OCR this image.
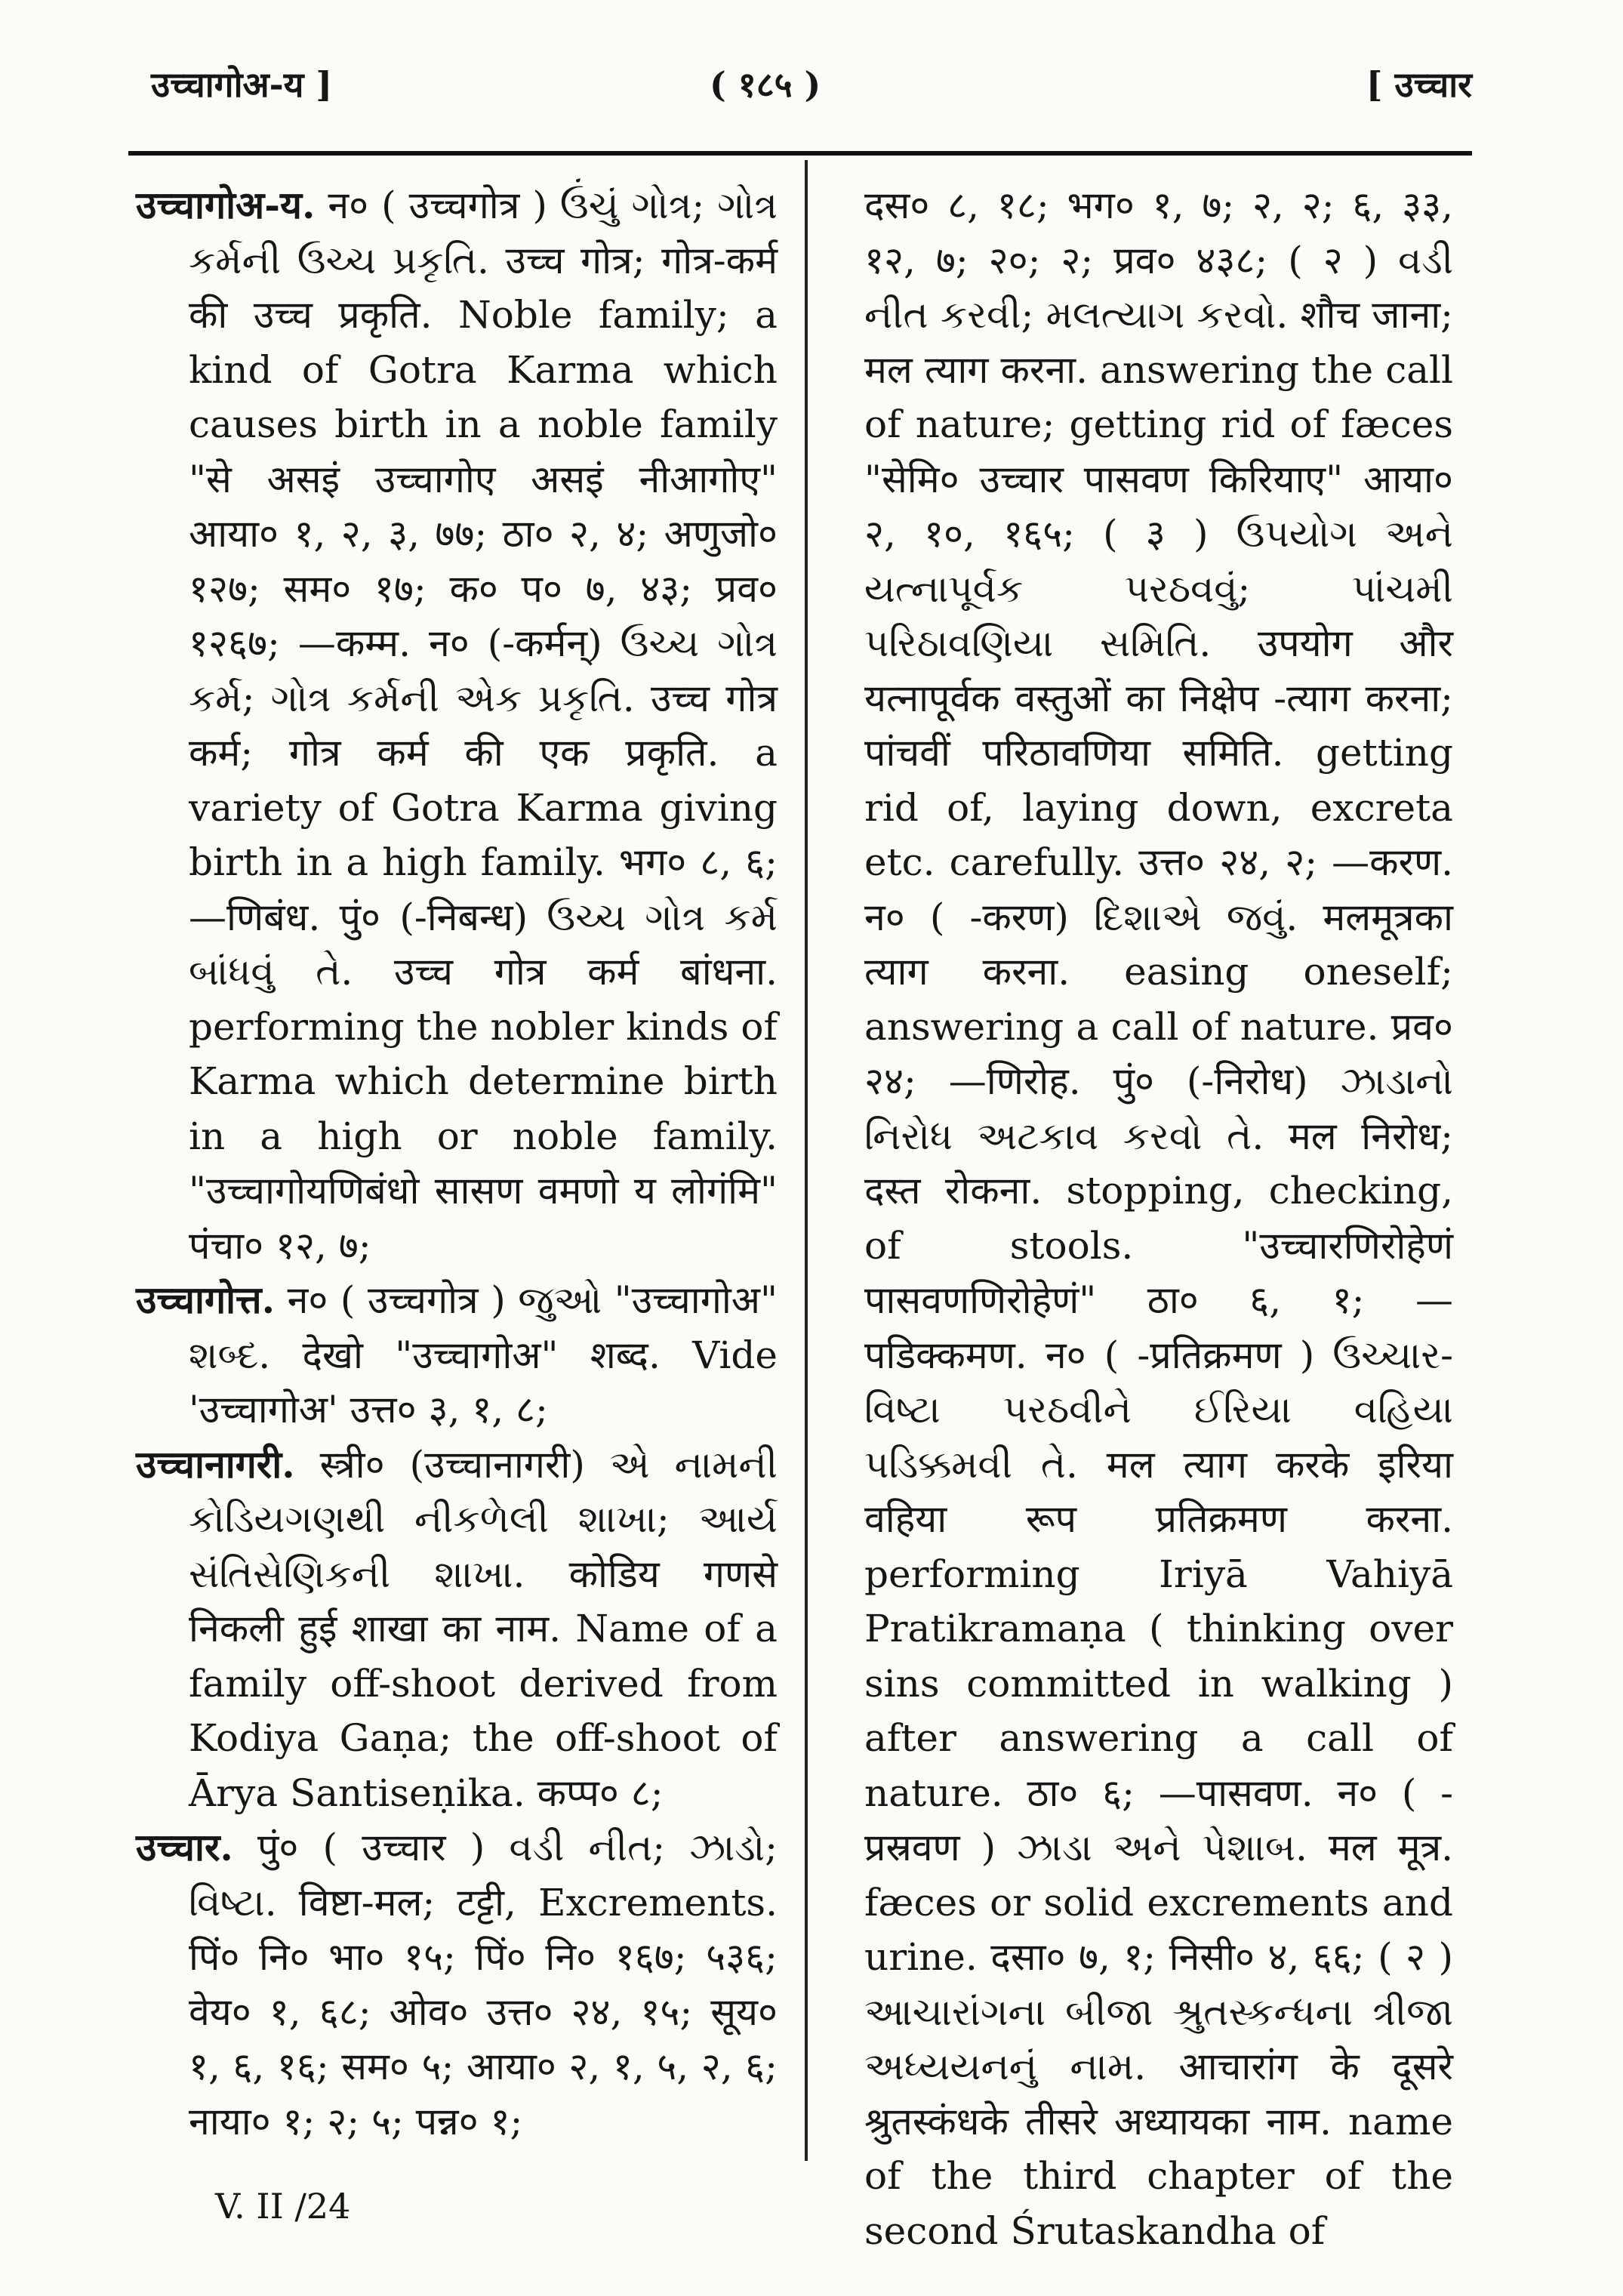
उच्चागोअ-य ]	( १८५ )	[ उच्चार

उच्चागोअ-य. न० ( उच्चगोत्र ) ઉંચું ગોત્ર; ગોત્ર કર્મની ઉચ્ચ પ્રકૃતિ. उच्च गोत्र; गोत्र-कर्म की उच्च प्रकृति. Noble family; a kind of Gotra Karma which causes birth in a noble family "से असइं उच्चागोए असइं नीआगोए" आया० १, २, ३, ७७; ठा० २, ४; अणुजो० १२७; सम० १७; क० प० ७, ४३; प्रव० १२६७; —कम्म. न० (-कर्मन्) ઉચ્ચ ગોત્ર કર્મ; ગોત્ર કર્મની એક પ્રકૃતિ. उच्च गोत्र कर्म; गोत्र कर्म की एक प्रकृति. a variety of Gotra Karma giving birth in a high family. भग० ८, ६; —णिबंध. पुं० (-निबन्ध) ઉચ્ચ ગોત્ર કર્મ બાંધવું તે. उच्च गोत्र कर्म बांधना. performing the nobler kinds of Karma which determine birth in a high or noble family. "उच्चागोयणिबंधो सासण वमणो य लोगंमि" पंचा० १२, ७;

उच्चागोत्त. न० ( उच्चगोत्र ) જુઓ "उच्चागोअ" શબ્દ. देखो "उच्चागोअ" शब्द. Vide 'उच्चागोअ' उत्त० ३, १, ८;

उच्चानागरी. स्त्री० (उच्चानागरी) એ નામની કોડિયગણથી નીકળેલી શાખા; આર્ય સંતિસેણિકની શાખા. कोडिय गणसे निकली हुई शाखा का नाम. Name of a family off-shoot derived from Kodiya Gaṇa; the off-shoot of Ārya Santiseṇika. कप्प० ८;

उच्चार. पुं० ( उच्चार ) વડી નીત; ઝાડો; વિષ્ટા. विष्टा-मल; टट्टी, Excrements. पिं० नि० भा० १५; पिं० नि० १६७; ५३६; वेय० १, ६८; ओव० उत्त० २४, १५; सूय० १, ६, १६; सम० ५; आया० २, १, ५, २, ६; नाया० १; २; ५; पन्न० १;

दस० ८, १८; भग० १, ७; २, २; ६, ३३, १२, ७; २०; २; प्रव० ४३८; ( २ ) વડી નીત કરવી; મલત્યાગ કરવો. शौच जाना; मल त्याग करना. answering the call of nature; getting rid of fæces "सेमि० उच्चार पासवण किरियाए" आया० २, १०, १६५; ( ३ ) ઉપયોગ અને યત્નાપૂર્વક પરઠવવું; પાંચમી પરિઠાવણિયા સમિતિ. उपयोग और यत्नापूर्वक वस्तुओं का निक्षेप -त्याग करना; पांचवीं परिठावणिया समिति. getting rid of, laying down, excreta etc. carefully. उत्त० २४, २; —करण. न० ( -करण) દિશાએ જવું. मलमूत्रका त्याग करना. easing oneself; answering a call of nature. प्रव० २४; —णिरोह. पुं० (-निरोध) ઝાડાનો નિરોધ અટકાવ કરવો તે. मल निरोध; दस्त रोकना. stopping, checking, of stools. "उच्चारणिरोहेणं पासवणणिरोहेणं" ठा० ६, १; —पडिक्कमण. न० ( -प्रतिक्रमण ) ઉચ્ચાર-વિષ્ટા પરઠવીને ઈરિયા વહિયા પડિક્કમવી તે. मल त्याग करके इरिया वहिया रूप प्रतिक्रमण करना. performing Iriyā Vahiyā Pratikramaṇa ( thinking over sins committed in walking ) after answering a call of nature. ठा० ६; —पासवण. न० ( -प्रस्रवण ) ઝાડા અને પેશાબ. मल मूत्र. fæces or solid excrements and urine. दसा० ७, १; निसी० ४, ६६; ( २ ) આચારાંગના બીજા શ્રુતસ્કન્ધના ત્રીજા અધ્યયનનું નામ. आचारांग के दूसरे श्रुतस्कंधके तीसरे अध्यायका नाम. name of the third chapter of the second Śrutaskandha of

V. II /24
